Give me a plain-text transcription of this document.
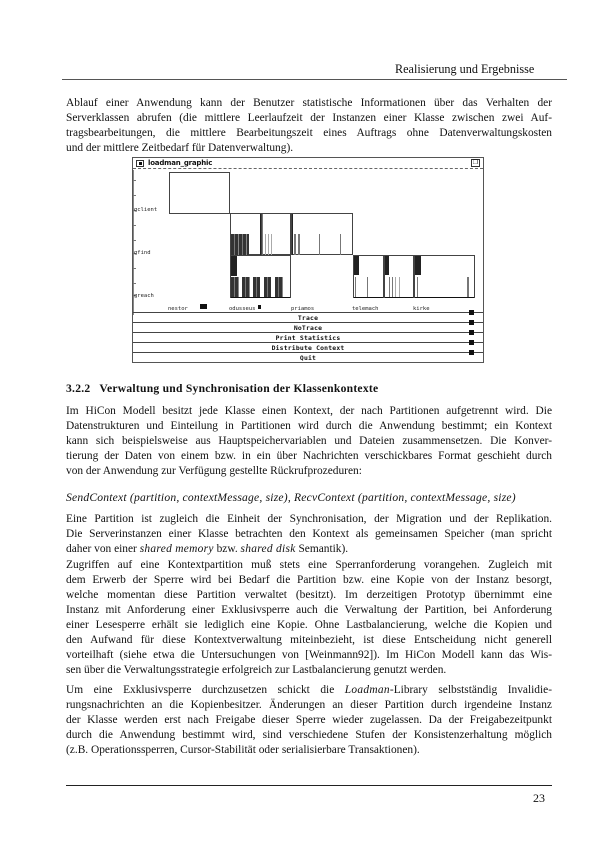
Realisierung und Ergebnisse
Ablauf einer Anwendung kann der Benutzer statistische Informationen über das Verhalten der
Serverklassen abrufen (die mittlere Leerlaufzeit der Instanzen einer Klasse zwischen zwei Auf-
tragsbearbeitungen, die mittlere Bearbeitungszeit eines Auftrags ohne Datenverwaltungskosten
und der mittlere Zeitbedarf für Datenverwaltung).
loadman_graphic	❐
gclient
gfind
greach
nestor	odusseus	priamos	telemach	kirke
Trace
NoTrace
Print Statistics
Distribute Context
Quit
3.2.2 Verwaltung und Synchronisation der Klassenkontexte
Im HiCon Modell besitzt jede Klasse einen Kontext, der nach Partitionen aufgetrennt wird. Die
Datenstrukturen und Einteilung in Partitionen wird durch die Anwendung bestimmt; ein Kontext
kann sich beispielsweise aus Hauptspeichervariablen und Dateien zusammensetzen. Die Konver-
tierung der Daten von einem bzw. in ein über Nachrichten verschickbares Format geschieht durch
von der Anwendung zur Verfügung gestellte Rückrufprozeduren:
SendContext (partition, contextMessage, size), RecvContext (partition, contextMessage, size)
Eine Partition ist zugleich die Einheit der Synchronisation, der Migration und der Replikation.
Die Serverinstanzen einer Klasse betrachten den Kontext als gemeinsamen Speicher (man spricht
daher von einer shared memory bzw. shared disk Semantik).
Zugriffen auf eine Kontextpartition muß stets eine Sperranforderung vorangehen. Zugleich mit
dem Erwerb der Sperre wird bei Bedarf die Partition bzw. eine Kopie von der Instanz besorgt,
welche momentan diese Partition verwaltet (besitzt). Im derzeitigen Prototyp übernimmt eine
Instanz mit Anforderung einer Exklusivsperre auch die Verwaltung der Partition, bei Anforderung
einer Lesesperre erhält sie lediglich eine Kopie. Ohne Lastbalancierung, welche die Kopien und
den Aufwand für diese Kontextverwaltung miteinbezieht, ist diese Entscheidung nicht generell
vorteilhaft (siehe etwa die Untersuchungen von [Weinmann92]). Im HiCon Modell kann das Wis-
sen über die Verwaltungsstrategie erfolgreich zur Lastbalancierung genutzt werden.
Um eine Exklusivsperre durchzusetzen schickt die Loadman-Library selbstständig Invalidie-
rungsnachrichten an die Kopienbesitzer. Änderungen an dieser Partition durch irgendeine Instanz
der Klasse werden erst nach Freigabe dieser Sperre wieder zugelassen. Da der Freigabezeitpunkt
durch die Anwendung bestimmt wird, sind verschiedene Stufen der Konsistenzerhaltung möglich
(z.B. Operationssperren, Cursor-Stabilität oder serialisierbare Transaktionen).
23
